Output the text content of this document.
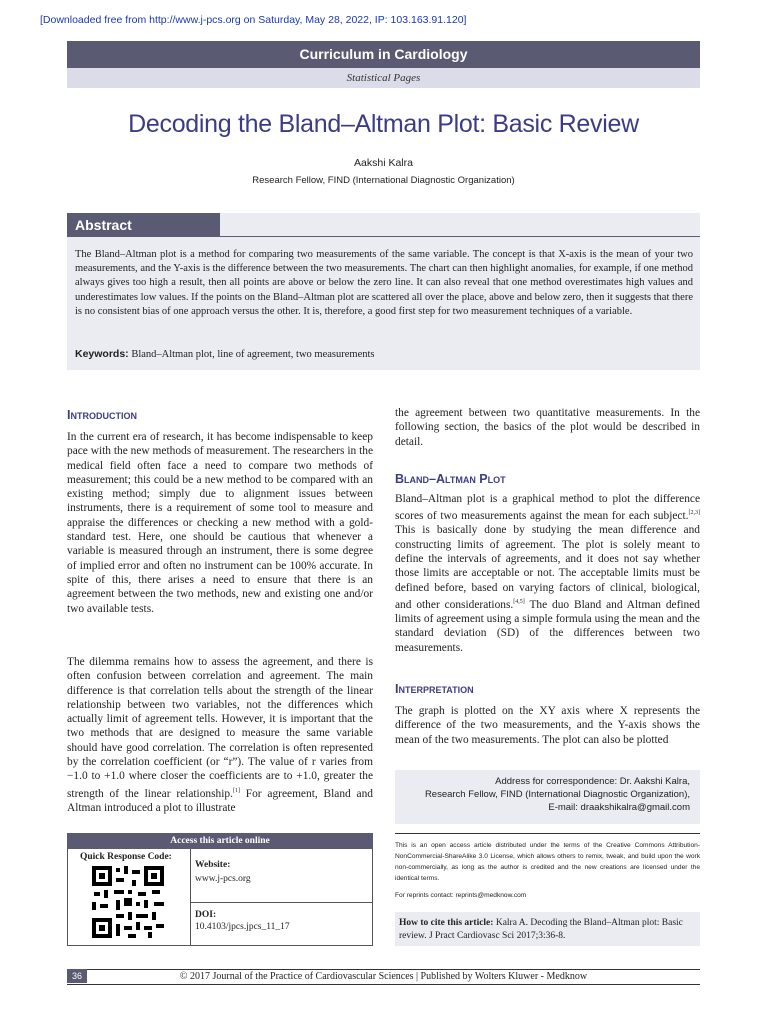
[Downloaded free from http://www.j-pcs.org on Saturday, May 28, 2022, IP: 103.163.91.120]
Curriculum in Cardiology
Statistical Pages
Decoding the Bland–Altman Plot: Basic Review
Aakshi Kalra
Research Fellow, FIND (International Diagnostic Organization)
Abstract
The Bland–Altman plot is a method for comparing two measurements of the same variable. The concept is that X-axis is the mean of your two measurements, and the Y-axis is the difference between the two measurements. The chart can then highlight anomalies, for example, if one method always gives too high a result, then all points are above or below the zero line. It can also reveal that one method overestimates high values and underestimates low values. If the points on the Bland–Altman plot are scattered all over the place, above and below zero, then it suggests that there is no consistent bias of one approach versus the other. It is, therefore, a good first step for two measurement techniques of a variable.
Keywords: Bland–Altman plot, line of agreement, two measurements
Introduction
In the current era of research, it has become indispensable to keep pace with the new methods of measurement. The researchers in the medical field often face a need to compare two methods of measurement; this could be a new method to be compared with an existing method; simply due to alignment issues between instruments, there is a requirement of some tool to measure and appraise the differences or checking a new method with a gold-standard test. Here, one should be cautious that whenever a variable is measured through an instrument, there is some degree of implied error and often no instrument can be 100% accurate. In spite of this, there arises a need to ensure that there is an agreement between the two methods, new and existing one and/or two available tests.
The dilemma remains how to assess the agreement, and there is often confusion between correlation and agreement. The main difference is that correlation tells about the strength of the linear relationship between two variables, not the differences which actually limit of agreement tells. However, it is important that the two methods that are designed to measure the same variable should have good correlation. The correlation is often represented by the correlation coefficient (or “r”). The value of r varies from −1.0 to +1.0 where closer the coefficients are to +1.0, greater the strength of the linear relationship.[1] For agreement, Bland and Altman introduced a plot to illustrate
Access this article online
Quick Response Code:
Website:
www.j-pcs.org
DOI:
10.4103/jpcs.jpcs_11_17
the agreement between two quantitative measurements. In the following section, the basics of the plot would be described in detail.
Bland–Altman Plot
Bland–Altman plot is a graphical method to plot the difference scores of two measurements against the mean for each subject.[2,3] This is basically done by studying the mean difference and constructing limits of agreement. The plot is solely meant to define the intervals of agreements, and it does not say whether those limits are acceptable or not. The acceptable limits must be defined before, based on varying factors of clinical, biological, and other considerations.[4,5] The duo Bland and Altman defined limits of agreement using a simple formula using the mean and the standard deviation (SD) of the differences between two measurements.
Interpretation
The graph is plotted on the XY axis where X represents the difference of the two measurements, and the Y-axis shows the mean of the two measurements. The plot can also be plotted
Address for correspondence: Dr. Aakshi Kalra,
Research Fellow, FIND (International Diagnostic Organization),
E-mail: draakshikalra@gmail.com
This is an open access article distributed under the terms of the Creative Commons Attribution-NonCommercial-ShareAlike 3.0 License, which allows others to remix, tweak, and build upon the work non-commercially, as long as the author is credited and the new creations are licensed under the identical terms.
For reprints contact: reprints@medknow.com
How to cite this article: Kalra A. Decoding the Bland–Altman plot: Basic review. J Pract Cardiovasc Sci 2017;3:36-8.
© 2017 Journal of the Practice of Cardiovascular Sciences | Published by Wolters Kluwer - Medknow
36
